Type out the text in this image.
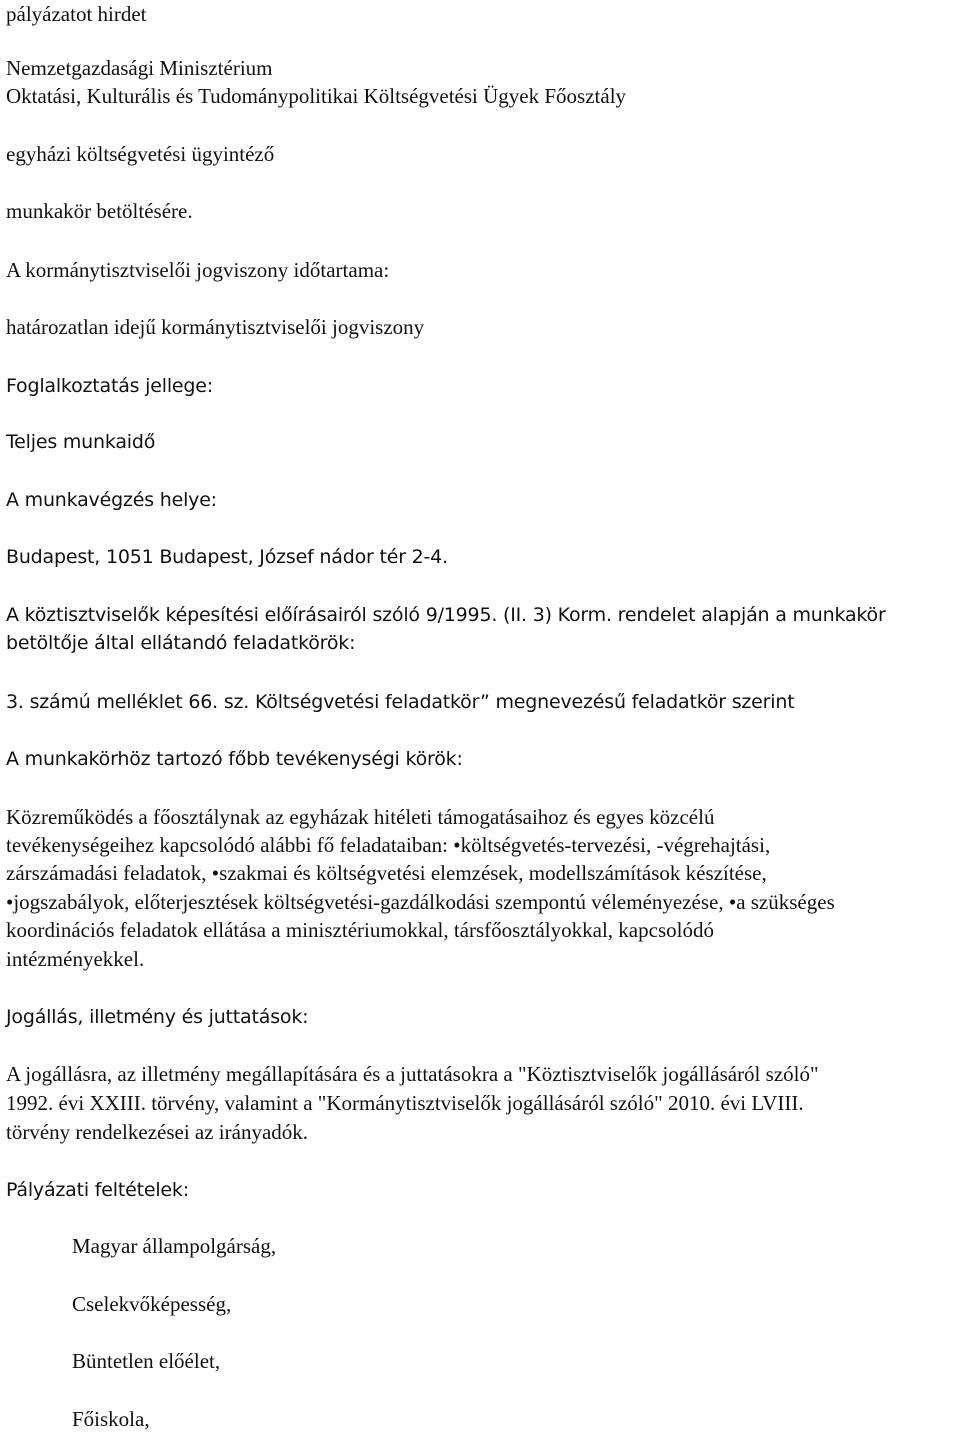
pályázatot hirdet

Nemzetgazdasági Minisztérium

Oktatási, Kulturális és Tudománypolitikai Költségvetési Ügyek Főosztály

egyházi költségvetési ügyintéző

munkakör betöltésére.

A kormánytisztviselői jogviszony időtartama:

határozatlan idejű kormánytisztviselői jogviszony

Foglalkoztatás jellege:

Teljes munkaidő

A munkavégzés helye:

Budapest, 1051 Budapest, József nádor tér 2-4.

A köztisztviselők képesítési előírásairól szóló 9/1995. (II. 3) Korm. rendelet alapján a munkakör

betöltője által ellátandó feladatkörök:

3. számú melléklet 66. sz. Költségvetési feladatkör” megnevezésű feladatkör szerint

A munkakörhöz tartozó főbb tevékenységi körök:

Közreműködés a főosztálynak az egyházak hitéleti támogatásaihoz és egyes közcélú

tevékenységeihez kapcsolódó alábbi fő feladataiban: •költségvetés-tervezési, -végrehajtási,

zárszámadási feladatok, •szakmai és költségvetési elemzések, modellszámítások készítése,

•jogszabályok, előterjesztések költségvetési-gazdálkodási szempontú véleményezése, •a szükséges

koordinációs feladatok ellátása a minisztériumokkal, társfőosztályokkal, kapcsolódó

intézményekkel.

Jogállás, illetmény és juttatások:

A jogállásra, az illetmény megállapítására és a juttatásokra a "Köztisztviselők jogállásáról szóló"

1992. évi XXIII. törvény, valamint a "Kormánytisztviselők jogállásáról szóló" 2010. évi LVIII.

törvény rendelkezései az irányadók.

Pályázati feltételek:

Magyar állampolgárság,

Cselekvőképesség,

Büntetlen előélet,

Főiskola,
